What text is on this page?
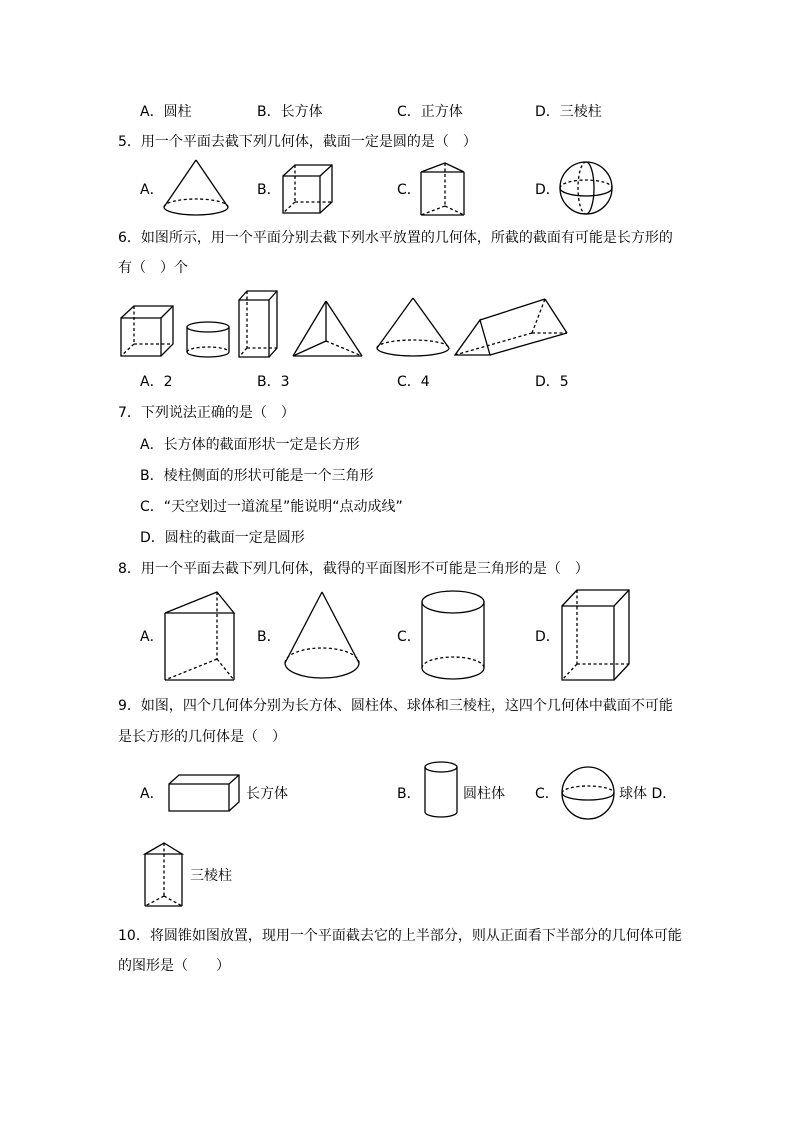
A．圆柱	B．长方体	C．正方体	D．三棱柱
5．用一个平面去截下列几何体，截面一定是圆的是（　）
A．	B．	C．	D．
6．如图所示，用一个平面分别去截下列水平放置的几何体，所截的截面有可能是长方形的
有（　）个
A．2	B．3	C．4	D．5
7．下列说法正确的是（　）
A．长方体的截面形状一定是长方形
B．棱柱侧面的形状可能是一个三角形
C．“天空划过一道流星”能说明“点动成线”
D．圆柱的截面一定是圆形
8．用一个平面去截下列几何体，截得的平面图形不可能是三角形的是（　）
A．	B．	C．	D．
9．如图，四个几何体分别为长方体、圆柱体、球体和三棱柱，这四个几何体中截面不可能
是长方形的几何体是（　）
A．	长方体	B．	圆柱体 C．	球体 D．
三棱柱
10．将圆锥如图放置，现用一个平面截去它的上半部分，则从正面看下半部分的几何体可能
的图形是（　　）
